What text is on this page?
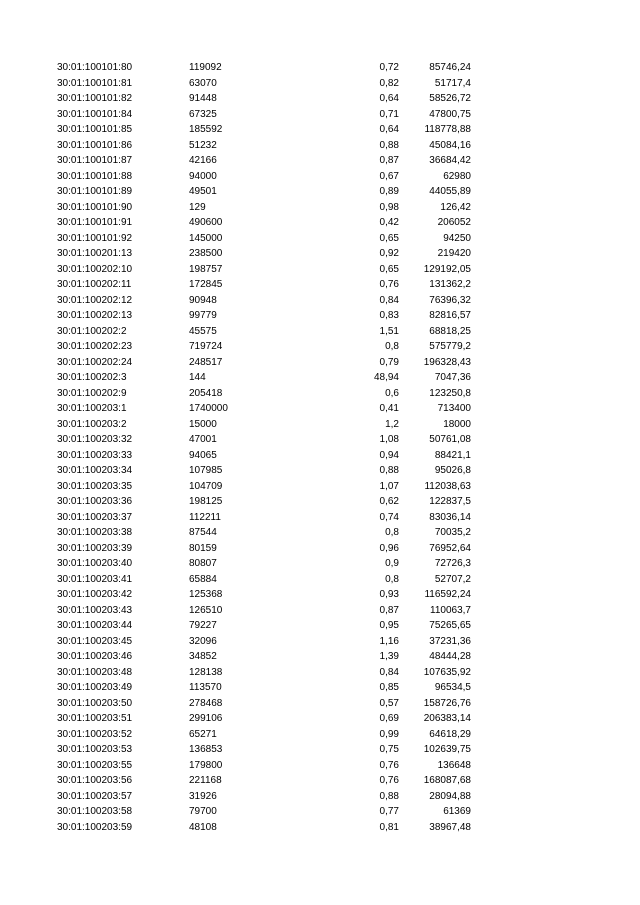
30:01:100101:80	119092	0,72	85746,24
30:01:100101:81	63070	0,82	51717,4
30:01:100101:82	91448	0,64	58526,72
30:01:100101:84	67325	0,71	47800,75
30:01:100101:85	185592	0,64	118778,88
30:01:100101:86	51232	0,88	45084,16
30:01:100101:87	42166	0,87	36684,42
30:01:100101:88	94000	0,67	62980
30:01:100101:89	49501	0,89	44055,89
30:01:100101:90	129	0,98	126,42
30:01:100101:91	490600	0,42	206052
30:01:100101:92	145000	0,65	94250
30:01:100201:13	238500	0,92	219420
30:01:100202:10	198757	0,65	129192,05
30:01:100202:11	172845	0,76	131362,2
30:01:100202:12	90948	0,84	76396,32
30:01:100202:13	99779	0,83	82816,57
30:01:100202:2	45575	1,51	68818,25
30:01:100202:23	719724	0,8	575779,2
30:01:100202:24	248517	0,79	196328,43
30:01:100202:3	144	48,94	7047,36
30:01:100202:9	205418	0,6	123250,8
30:01:100203:1	1740000	0,41	713400
30:01:100203:2	15000	1,2	18000
30:01:100203:32	47001	1,08	50761,08
30:01:100203:33	94065	0,94	88421,1
30:01:100203:34	107985	0,88	95026,8
30:01:100203:35	104709	1,07	112038,63
30:01:100203:36	198125	0,62	122837,5
30:01:100203:37	112211	0,74	83036,14
30:01:100203:38	87544	0,8	70035,2
30:01:100203:39	80159	0,96	76952,64
30:01:100203:40	80807	0,9	72726,3
30:01:100203:41	65884	0,8	52707,2
30:01:100203:42	125368	0,93	116592,24
30:01:100203:43	126510	0,87	110063,7
30:01:100203:44	79227	0,95	75265,65
30:01:100203:45	32096	1,16	37231,36
30:01:100203:46	34852	1,39	48444,28
30:01:100203:48	128138	0,84	107635,92
30:01:100203:49	113570	0,85	96534,5
30:01:100203:50	278468	0,57	158726,76
30:01:100203:51	299106	0,69	206383,14
30:01:100203:52	65271	0,99	64618,29
30:01:100203:53	136853	0,75	102639,75
30:01:100203:55	179800	0,76	136648
30:01:100203:56	221168	0,76	168087,68
30:01:100203:57	31926	0,88	28094,88
30:01:100203:58	79700	0,77	61369
30:01:100203:59	48108	0,81	38967,48
